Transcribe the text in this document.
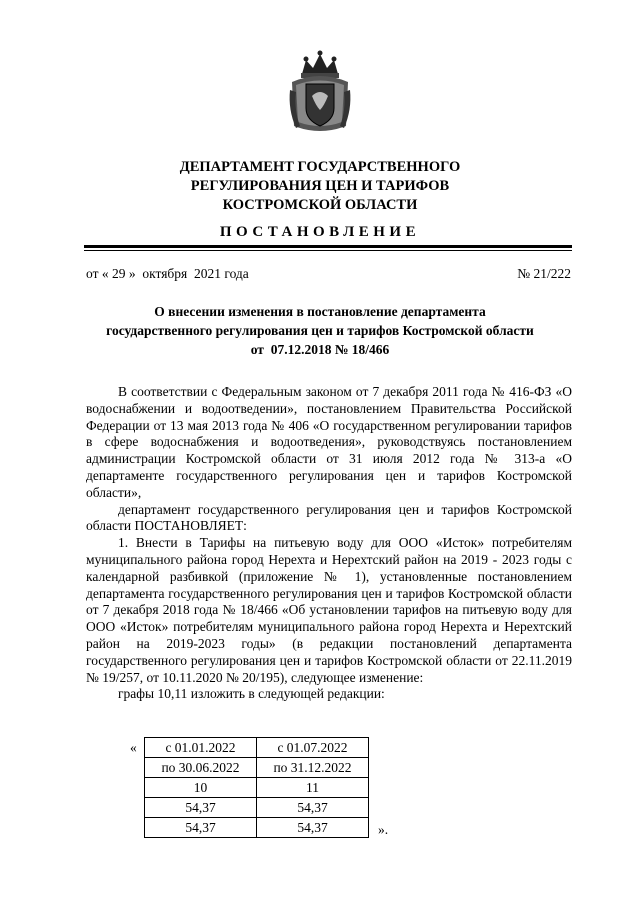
ДЕПАРТАМЕНТ ГОСУДАРСТВЕННОГО
РЕГУЛИРОВАНИЯ ЦЕН И ТАРИФОВ
КОСТРОМСКОЙ ОБЛАСТИ
ПОСТАНОВЛЕНИЕ
от « 29 »  октября  2021 года	№ 21/222
О внесении изменения в постановление департамента
государственного регулирования цен и тарифов Костромской области
от  07.12.2018 № 18/466

В соответствии с Федеральным законом от 7 декабря 2011 года № 416-ФЗ «О водоснабжении и водоотведении», постановлением Правительства Российской Федерации от 13 мая 2013 года № 406 «О государственном регулировании тарифов в сфере водоснабжения и водоотведения», руководствуясь постановлением администрации Костромской области от 31 июля 2012 года № 313-а «О департаменте государственного регулирования цен и тарифов Костромской области»,

департамент государственного регулирования цен и тарифов Костромской области ПОСТАНОВЛЯЕТ:

1. Внести в Тарифы на питьевую воду для ООО «Исток» потребителям муниципального района город Нерехта и Нерехтский район на 2019 - 2023 годы с календарной разбивкой (приложение № 1), установленные постановлением департамента государственного регулирования цен и тарифов Костромской области от 7 декабря 2018 года № 18/466 «Об установлении тарифов на питьевую воду для ООО «Исток» потребителям муниципального района город Нерехта и Нерехтский район на 2019-2023 годы» (в редакции постановлений департамента государственного регулирования цен и тарифов Костромской области от 22.11.2019 № 19/257, от 10.11.2020 № 20/195), следующее изменение:

графы 10,11 изложить в следующей редакции:

« с 01.01.2022	с 01.07.2022
по 30.06.2022	по 31.12.2022
10	11
54,37	54,37
54,37	54,37	».
